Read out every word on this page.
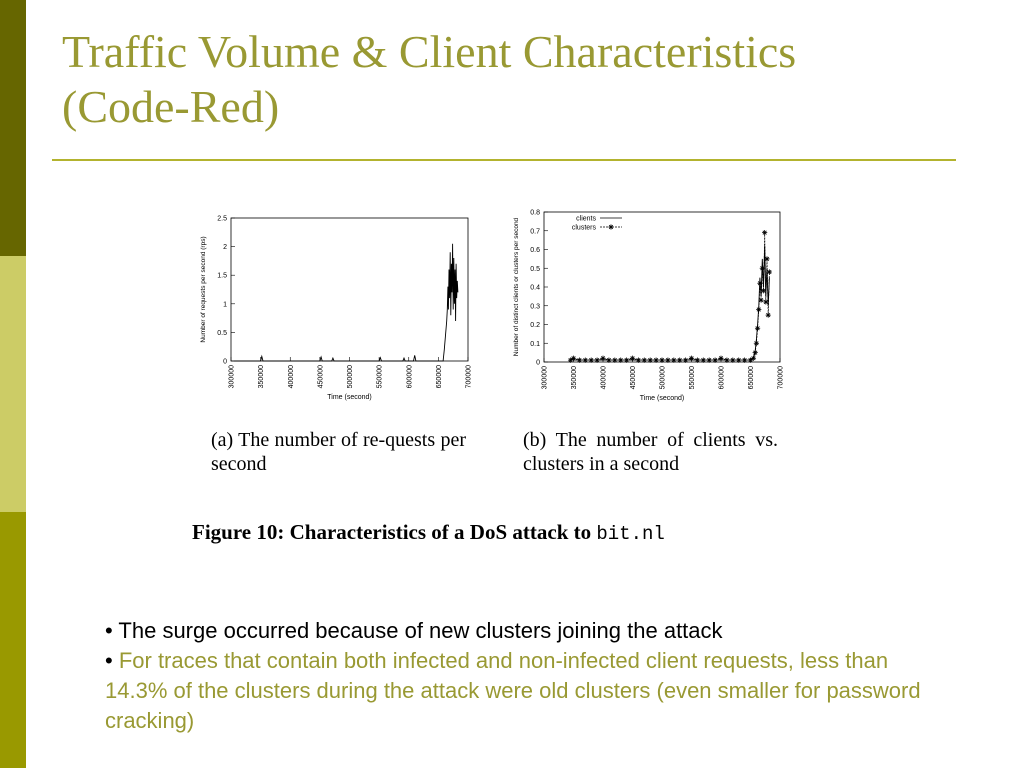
Traffic Volume & Client Characteristics
(Code-Red)
0
0.5
1
1.5
2
2.5
300000	350000	400000	450000	500000	550000	600000	650000	700000
Time (second)
Number of requests per second (rps)
0
0.1
0.2
0.3
0.4
0.5
0.6
0.7
0.8
300000	350000	400000	450000	500000	550000	600000	650000	700000
Time (second)
Number of distinct clients or clusters per second	clients
clusters
(a) The number of re-quests per second
(b) The number of clients vs. clusters in a second
Figure 10: Characteristics of a DoS attack to bit.nl
• The surge occurred because of new clusters joining the attack
• For traces that contain both infected and non-infected client requests, less than 14.3% of the clusters during the attack were old clusters (even smaller for password cracking)
